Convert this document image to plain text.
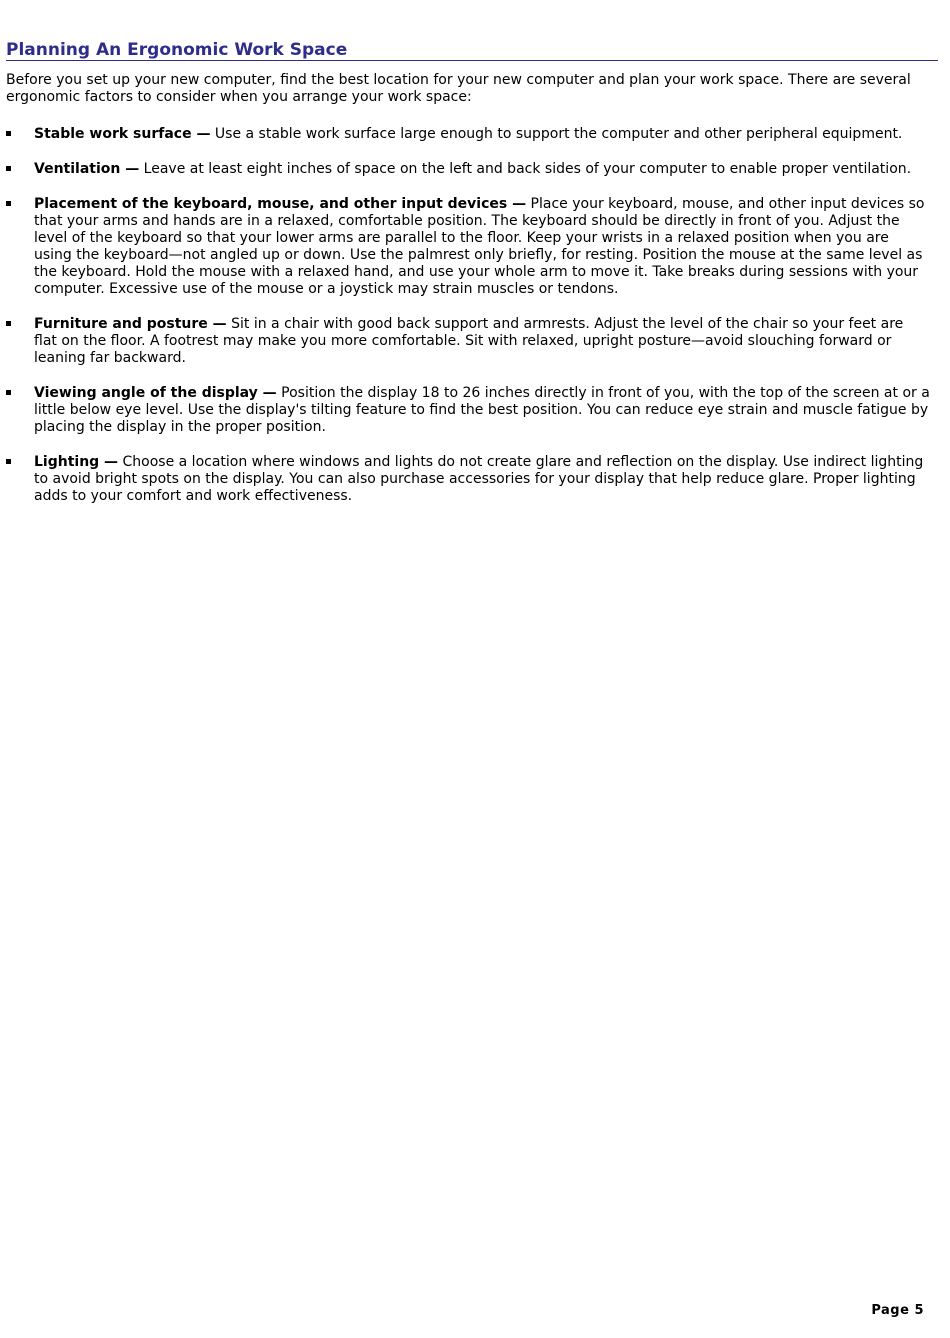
Planning An Ergonomic Work Space

Before you set up your new computer, find the best location for your new computer and plan your work space. There are several ergonomic factors to consider when you arrange your work space:

Stable work surface — Use a stable work surface large enough to support the computer and other peripheral equipment.
Ventilation — Leave at least eight inches of space on the left and back sides of your computer to enable proper ventilation.
Placement of the keyboard, mouse, and other input devices — Place your keyboard, mouse, and other input devices so that your arms and hands are in a relaxed, comfortable position. The keyboard should be directly in front of you. Adjust the level of the keyboard so that your lower arms are parallel to the floor. Keep your wrists in a relaxed position when you are using the keyboard—not angled up or down. Use the palmrest only briefly, for resting. Position the mouse at the same level as the keyboard. Hold the mouse with a relaxed hand, and use your whole arm to move it. Take breaks during sessions with your computer. Excessive use of the mouse or a joystick may strain muscles or tendons.
Furniture and posture — Sit in a chair with good back support and armrests. Adjust the level of the chair so your feet are flat on the floor. A footrest may make you more comfortable. Sit with relaxed, upright posture—avoid slouching forward or leaning far backward.
Viewing angle of the display — Position the display 18 to 26 inches directly in front of you, with the top of the screen at or a little below eye level. Use the display's tilting feature to find the best position. You can reduce eye strain and muscle fatigue by placing the display in the proper position.
Lighting — Choose a location where windows and lights do not create glare and reflection on the display. Use indirect lighting to avoid bright spots on the display. You can also purchase accessories for your display that help reduce glare. Proper lighting adds to your comfort and work effectiveness.
Page 5
